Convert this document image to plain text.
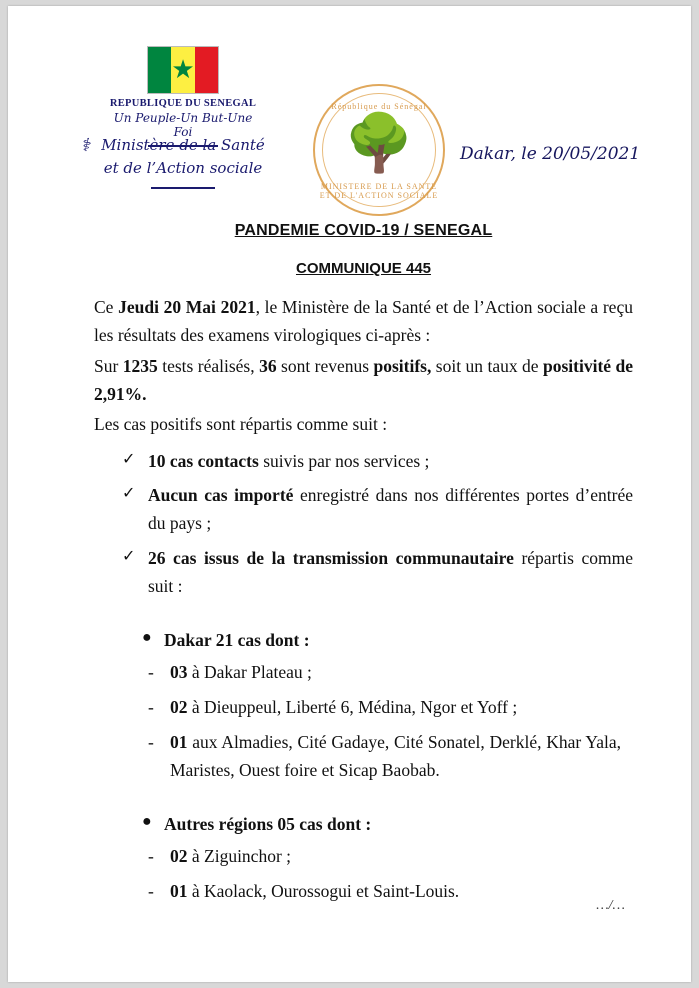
★
REPUBLIQUE DU SENEGAL
Un Peuple-Un But-Une Foi
⚕ Ministère de la Santé
et de l’Action sociale
République du Sénégal
🌳
MINISTERE DE LA SANTE ET DE L'ACTION SOCIALE
Dakar, le 20/05/2021
PANDEMIE COVID-19 / SENEGAL
COMMUNIQUE 445

Ce Jeudi 20 Mai 2021, le Ministère de la Santé et de l’Action sociale a reçu les résultats des examens virologiques ci-après :

Sur 1235 tests réalisés, 36 sont revenus positifs, soit un taux de positivité de 2,91%.

Les cas positifs sont répartis comme suit :

✓ 10 cas contacts suivis par nos services ;
✓ Aucun cas importé enregistré dans nos différentes portes d’entrée du pays ;
✓ 26 cas issus de la transmission communautaire répartis comme suit :
● Dakar 21 cas dont :
- 03 à Dakar Plateau ;
- 02 à Dieuppeul, Liberté 6, Médina, Ngor et Yoff ;
- 01 aux Almadies, Cité Gadaye, Cité Sonatel, Derklé, Khar Yala, Maristes, Ouest foire et Sicap Baobab.
● Autres régions 05 cas dont :
- 02 à Ziguinchor ;
- 01 à Kaolack, Ourossogui et Saint-Louis.
…/…
